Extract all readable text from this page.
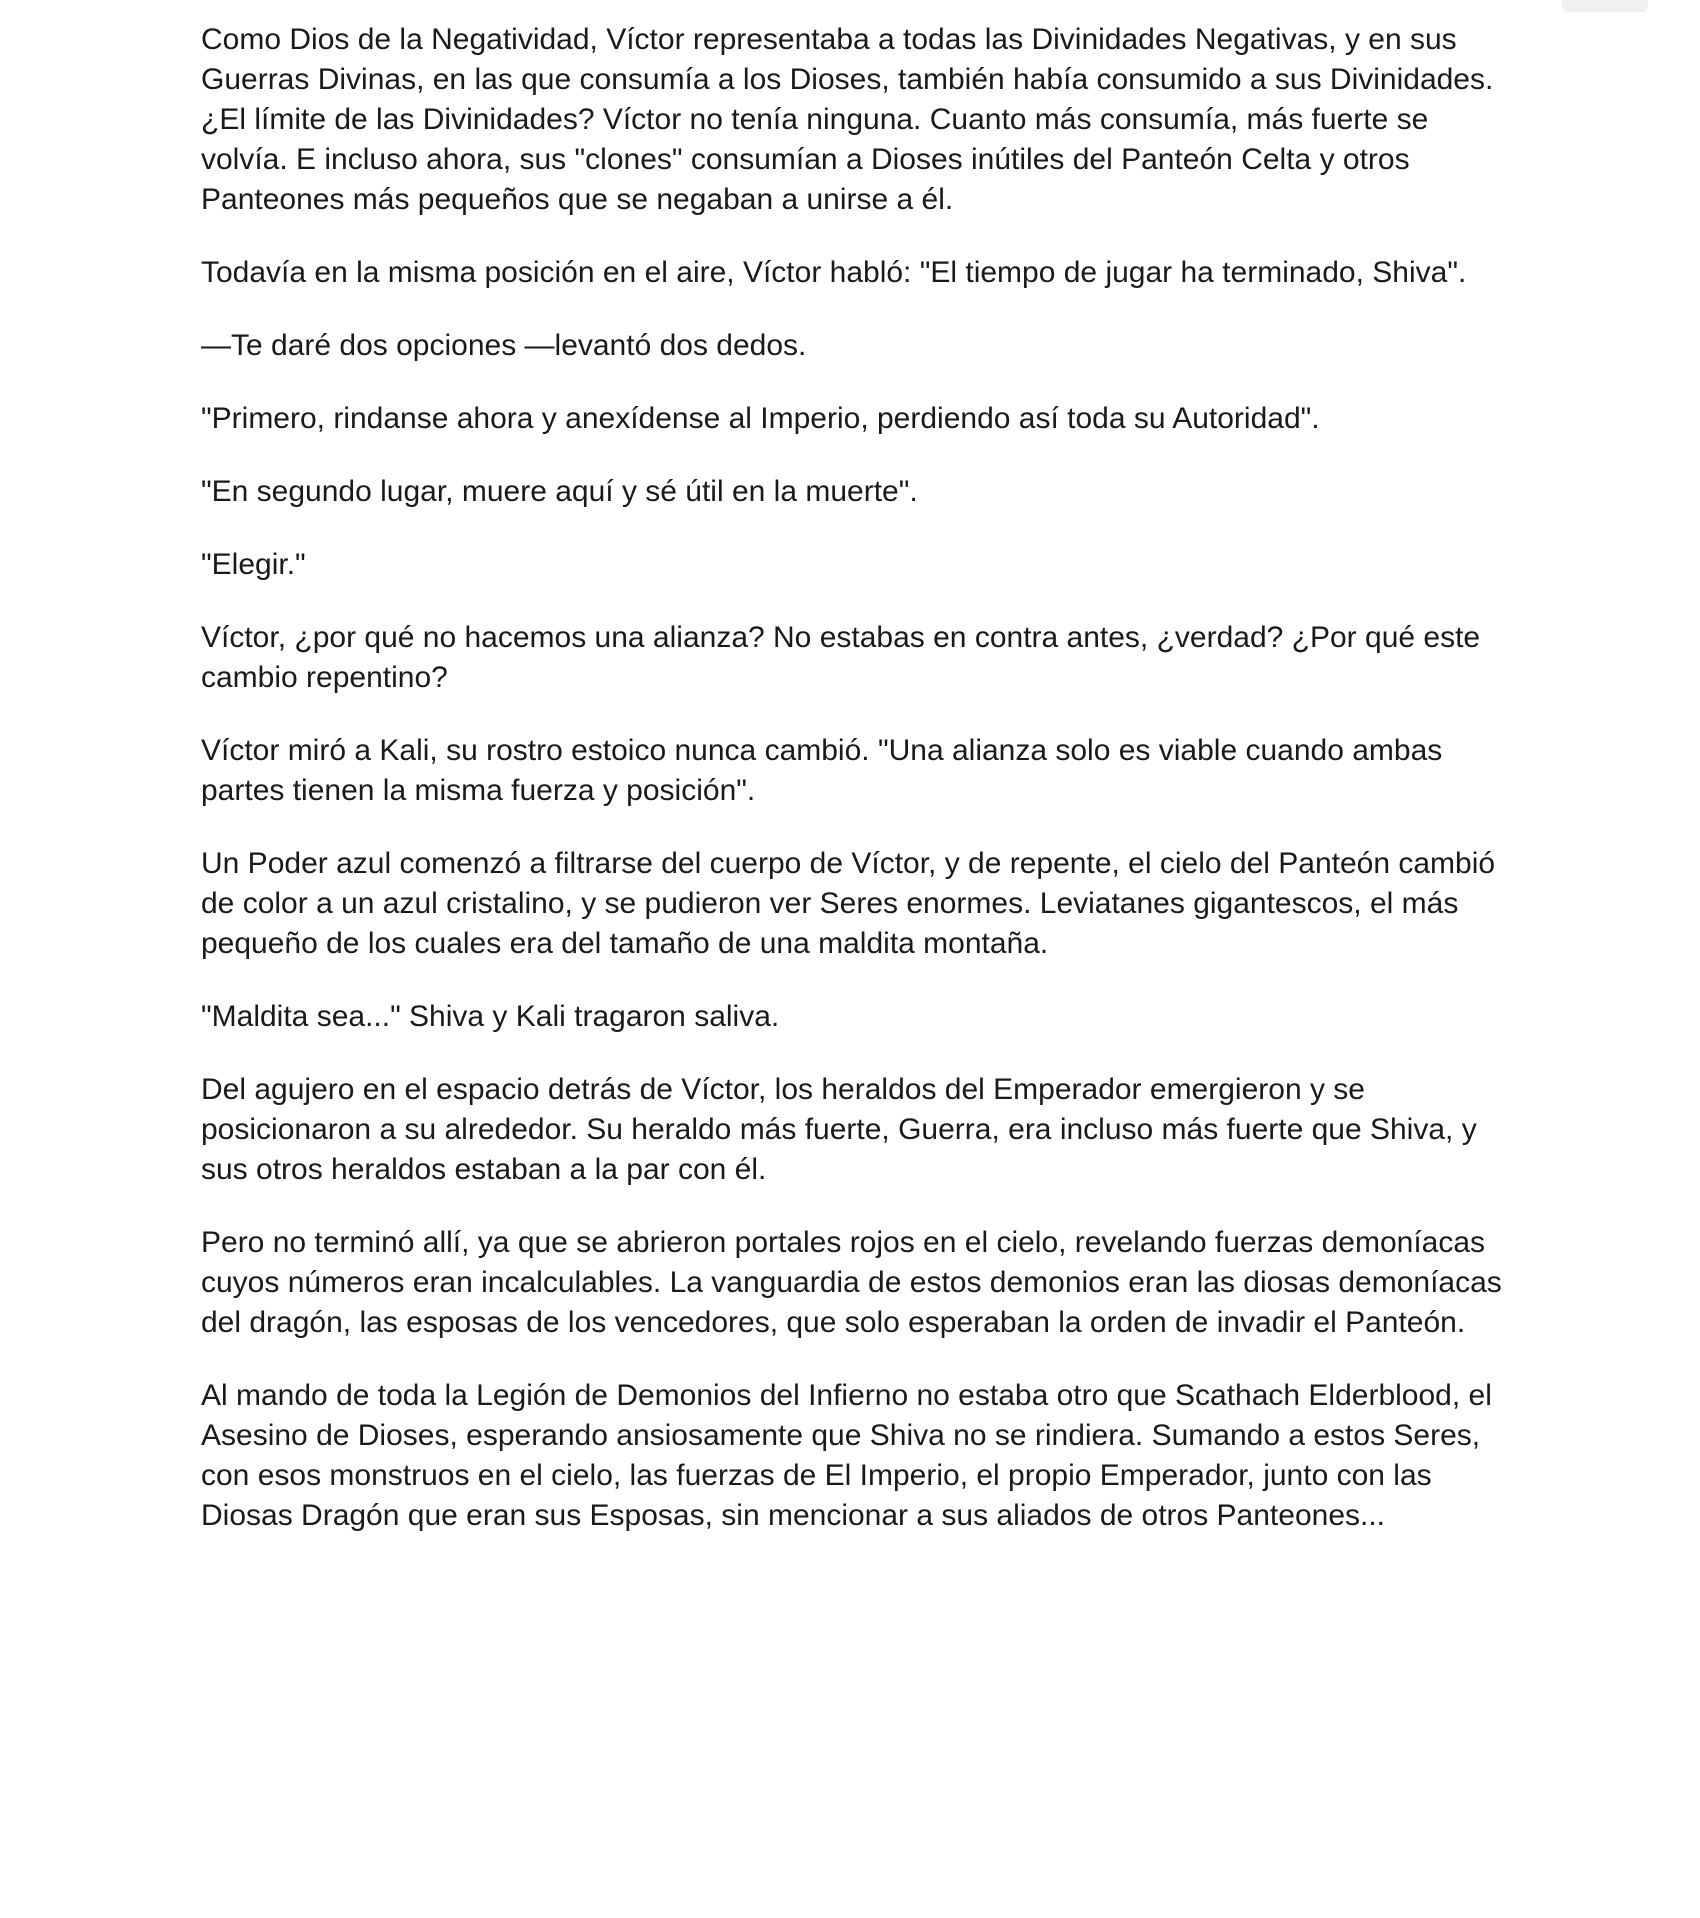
Como Dios de la Negatividad, Víctor representaba a todas las Divinidades Negativas, y en sus Guerras Divinas, en las que consumía a los Dioses, también había consumido a sus Divinidades. ¿El límite de las Divinidades? Víctor no tenía ninguna. Cuanto más consumía, más fuerte se volvía. E incluso ahora, sus "clones" consumían a Dioses inútiles del Panteón Celta y otros Panteones más pequeños que se negaban a unirse a él.

Todavía en la misma posición en el aire, Víctor habló: "El tiempo de jugar ha terminado, Shiva".

—Te daré dos opciones —levantó dos dedos.

"Primero, rindanse ahora y anexídense al Imperio, perdiendo así toda su Autoridad".

"En segundo lugar, muere aquí y sé útil en la muerte".

"Elegir."

Víctor, ¿por qué no hacemos una alianza? No estabas en contra antes, ¿verdad? ¿Por qué este cambio repentino?

Víctor miró a Kali, su rostro estoico nunca cambió. "Una alianza solo es viable cuando ambas partes tienen la misma fuerza y posición".

Un Poder azul comenzó a filtrarse del cuerpo de Víctor, y de repente, el cielo del Panteón cambió de color a un azul cristalino, y se pudieron ver Seres enormes. Leviatanes gigantescos, el más pequeño de los cuales era del tamaño de una maldita montaña.

"Maldita sea..." Shiva y Kali tragaron saliva.

Del agujero en el espacio detrás de Víctor, los heraldos del Emperador emergieron y se posicionaron a su alrededor. Su heraldo más fuerte, Guerra, era incluso más fuerte que Shiva, y sus otros heraldos estaban a la par con él.

Pero no terminó allí, ya que se abrieron portales rojos en el cielo, revelando fuerzas demoníacas cuyos números eran incalculables. La vanguardia de estos demonios eran las diosas demoníacas del dragón, las esposas de los vencedores, que solo esperaban la orden de invadir el Panteón.

Al mando de toda la Legión de Demonios del Infierno no estaba otro que Scathach Elderblood, el Asesino de Dioses, esperando ansiosamente que Shiva no se rindiera. Sumando a estos Seres, con esos monstruos en el cielo, las fuerzas de El Imperio, el propio Emperador, junto con las Diosas Dragón que eran sus Esposas, sin mencionar a sus aliados de otros Panteones...
